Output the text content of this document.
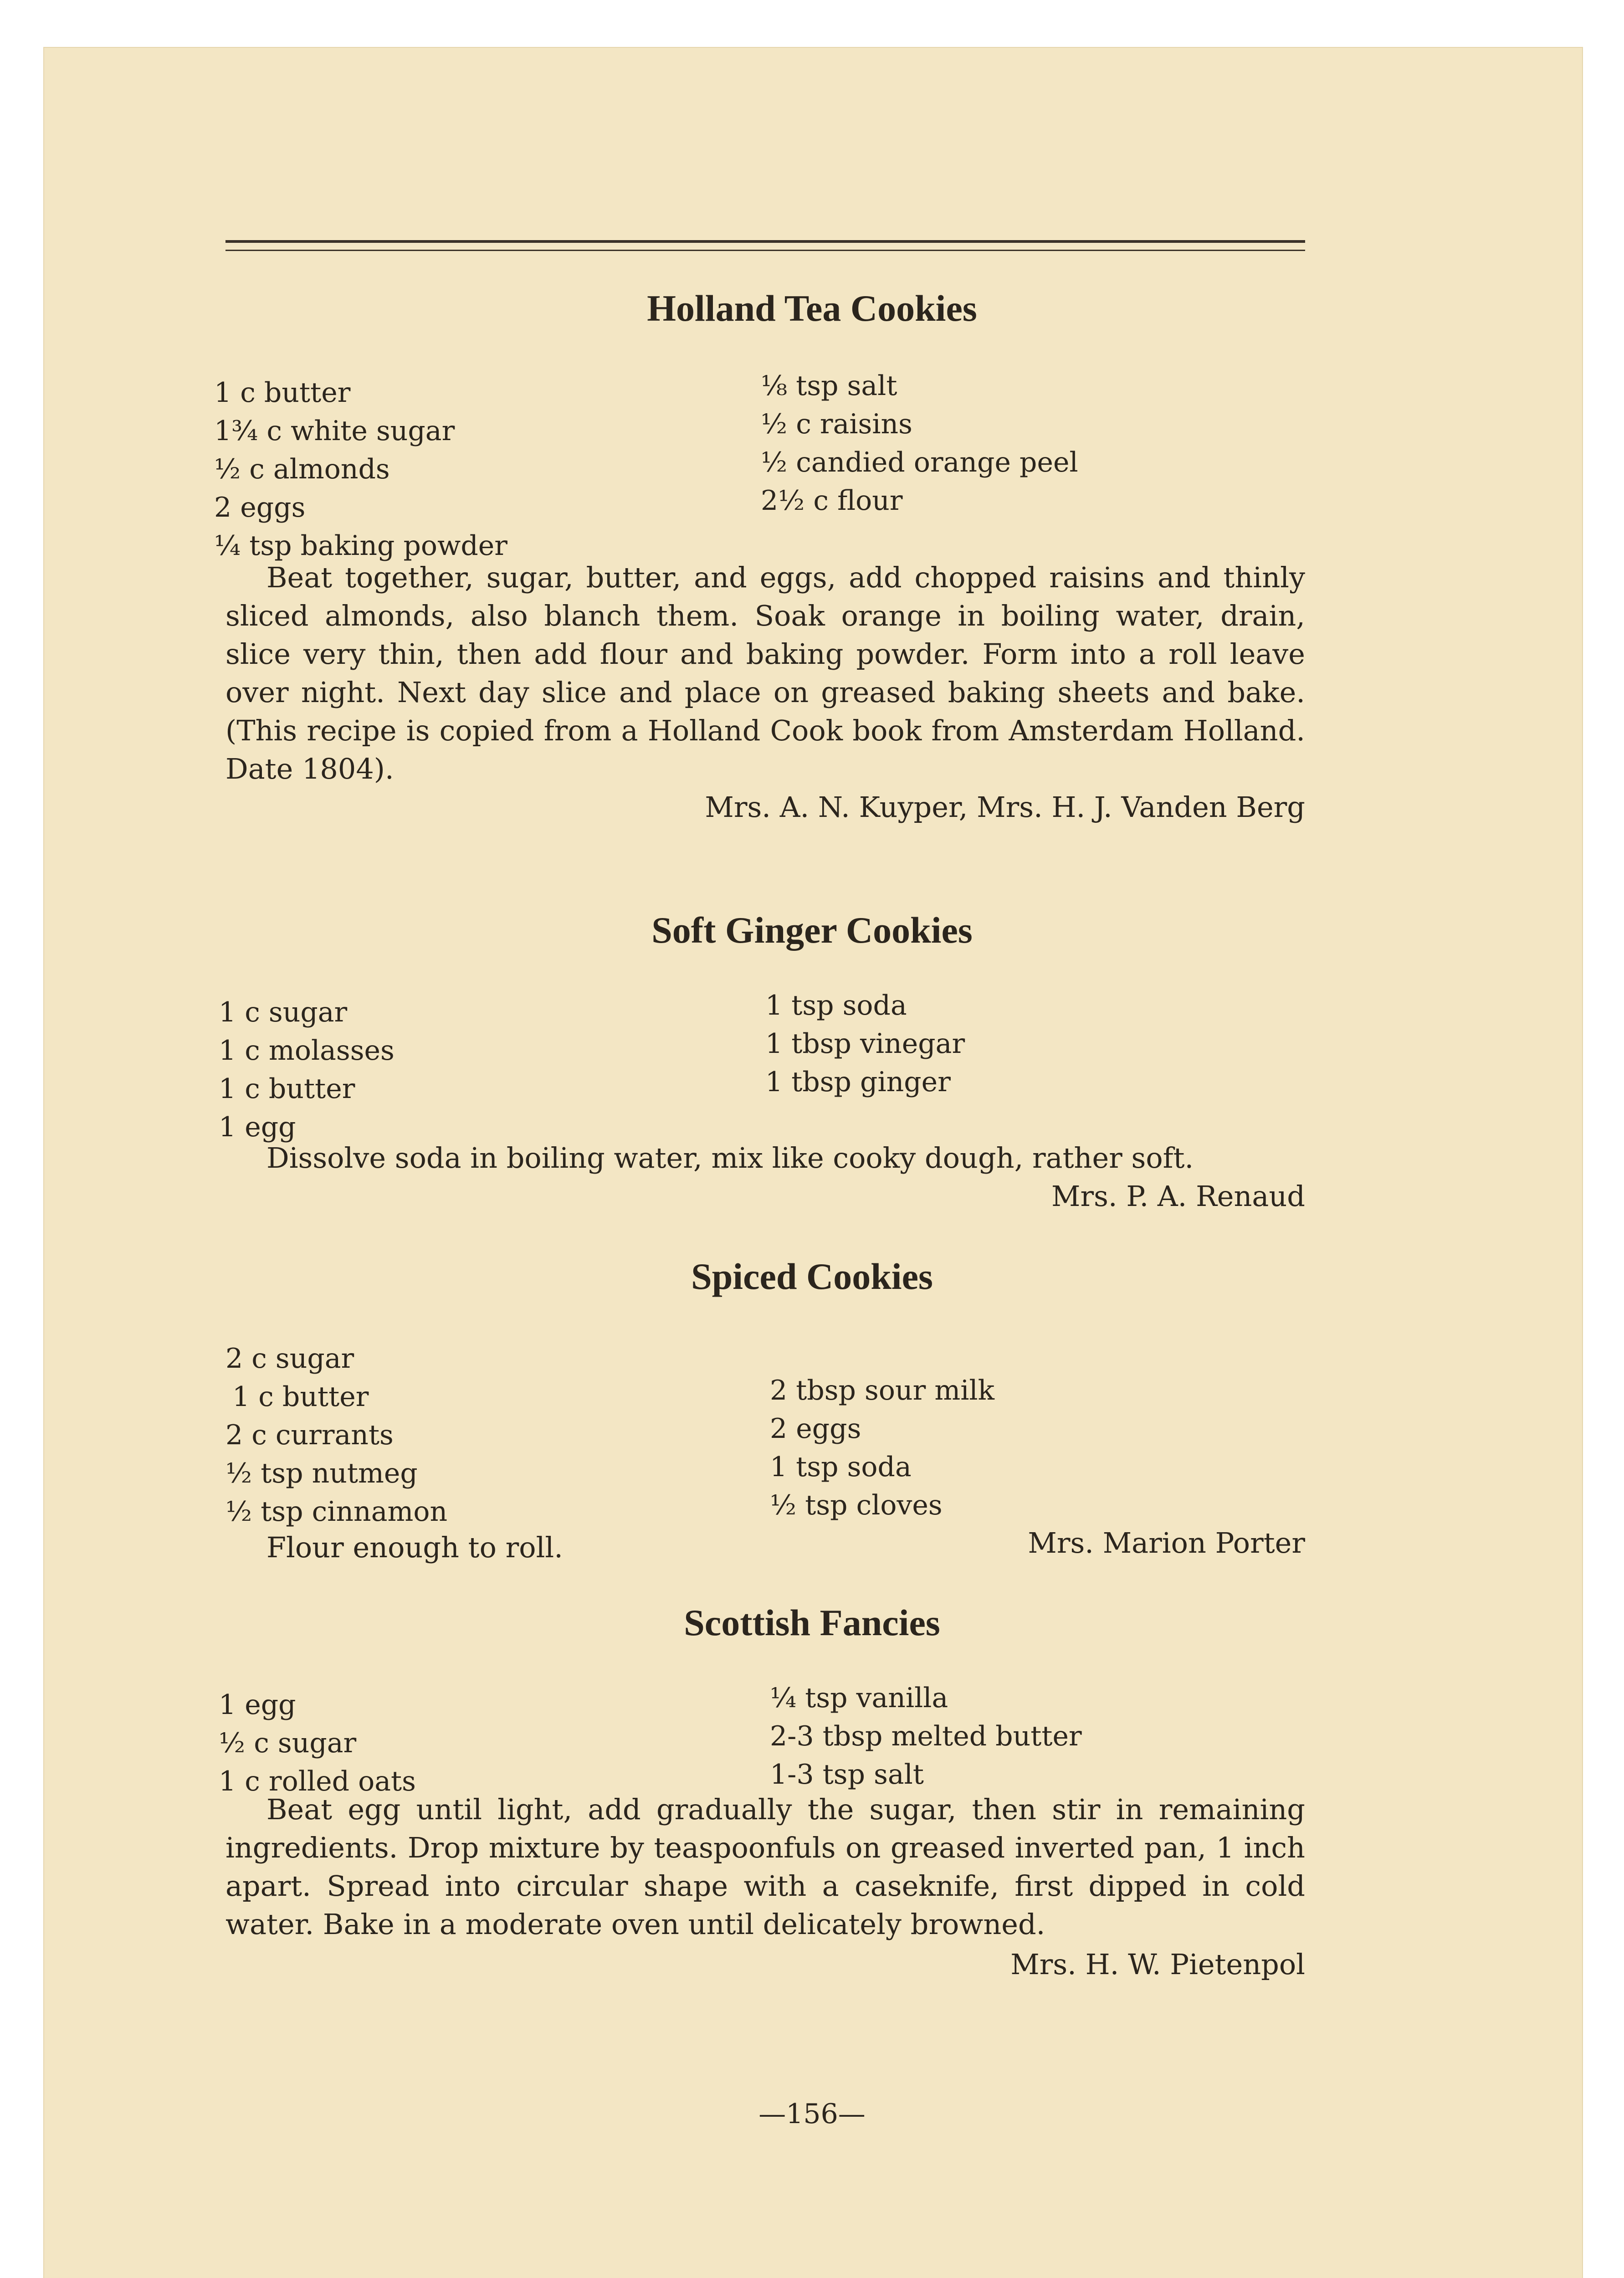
Holland Tea Cookies
1 c butter
1¾ c white sugar
½ c almonds
2 eggs
¼ tsp baking powder
⅛ tsp salt
½ c raisins
½ candied orange peel
2½ c flour
Beat together, sugar, butter, and eggs, add chopped raisins and thinly sliced almonds, also blanch them. Soak orange in boiling water, drain, slice very thin, then add flour and baking powder. Form into a roll leave over night. Next day slice and place on greased baking sheets and bake. (This recipe is copied from a Holland Cook book from Amsterdam Holland. Date 1804).
Mrs. A. N. Kuyper, Mrs. H. J. Vanden Berg
Soft Ginger Cookies
1 c sugar
1 c molasses
1 c butter
1 egg
1 tsp soda
1 tbsp vinegar
1 tbsp ginger
Dissolve soda in boiling water, mix like cooky dough, rather soft.
Mrs. P. A. Renaud
Spiced Cookies
2 c sugar
1 c butter
2 c currants
½ tsp nutmeg
½ tsp cinnamon
2 tbsp sour milk
2 eggs
1 tsp soda
½ tsp cloves
Flour enough to roll.	Mrs. Marion Porter
Scottish Fancies
1 egg
½ c sugar
1 c rolled oats
¼ tsp vanilla
2-3 tbsp melted butter
1-3 tsp salt
Beat egg until light, add gradually the sugar, then stir in remaining ingredients. Drop mixture by teaspoonfuls on greased inverted pan, 1 inch apart. Spread into circular shape with a caseknife, first dipped in cold water. Bake in a moderate oven until delicately browned.
Mrs. H. W. Pietenpol
—156—
